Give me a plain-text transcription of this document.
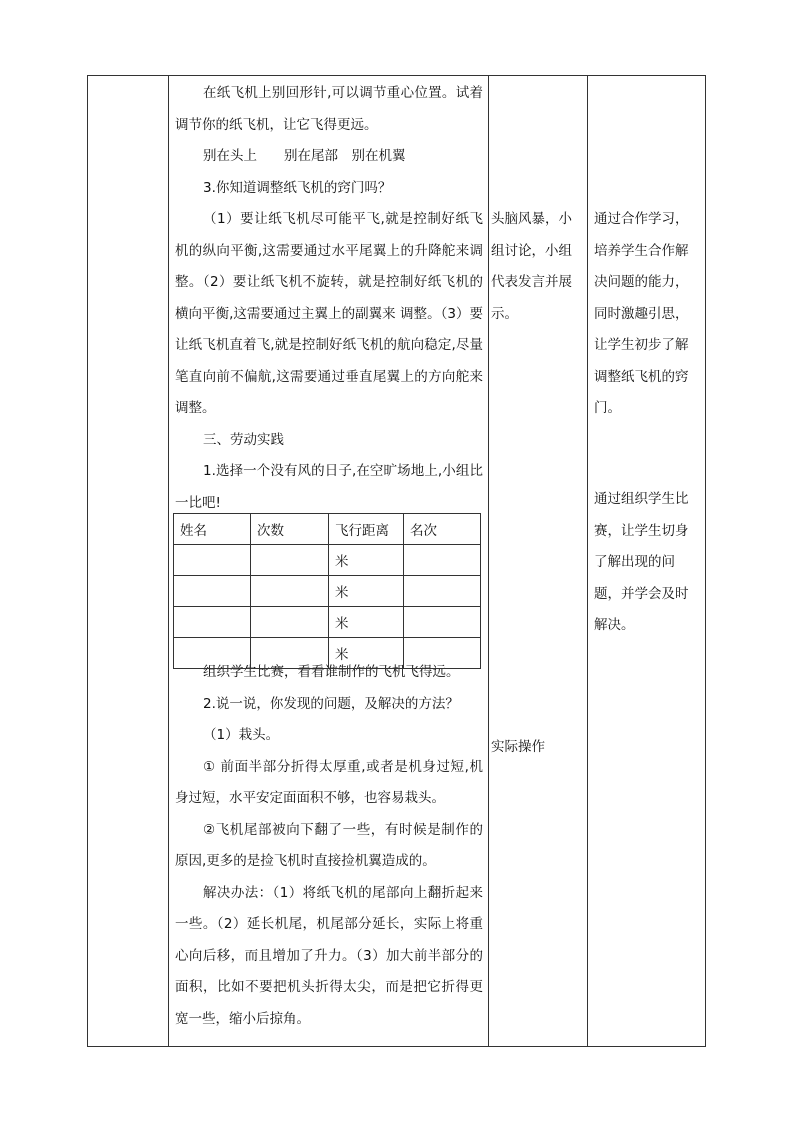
在纸飞机上别回形针,可以调节重心位置。试着调节你的纸飞机，让它飞得更远。

别在头上　　别在尾部　别在机翼

3.你知道调整纸飞机的窍门吗？

（1）要让纸飞机尽可能平飞,就是控制好纸飞机的纵向平衡,这需要通过水平尾翼上的升降舵来调整。（2）要让纸飞机不旋转，就是控制好纸飞机的横向平衡,这需要通过主翼上的副翼来 调整。（3）要让纸飞机直着飞,就是控制好纸飞机的航向稳定,尽量笔直向前不偏航,这需要通过垂直尾翼上的方向舵来调整。

三、劳动实践

1.选择一个没有风的日子,在空旷场地上,小组比一比吧!

组织学生比赛，看看谁制作的飞机飞得远。

2.说一说，你发现的问题，及解决的方法？

（1）栽头。

① 前面半部分折得太厚重,或者是机身过短,机身过短，水平安定面面积不够，也容易栽头。

②飞机尾部被向下翻了一些，有时候是制作的原因,更多的是捡飞机时直接捡机翼造成的。

解决办法：（1）将纸飞机的尾部向上翻折起来一些。（2）延长机尾，机尾部分延长，实际上将重心向后移，而且增加了升力。（3）加大前半部分的面积，比如不要把机头折得太尖，而是把它折得更宽一些，缩小后掠角。

头脑风暴，小组讨论，小组代表发言并展示。

实际操作

通过合作学习，培养学生合作解决问题的能力，同时激趣引思，让学生初步了解调整纸飞机的窍门。

通过组织学生比赛，让学生切身了解出现的问题，并学会及时解决。

姓名	次数	飞行距离	名次
		米	
		米	
		米	
		米	
